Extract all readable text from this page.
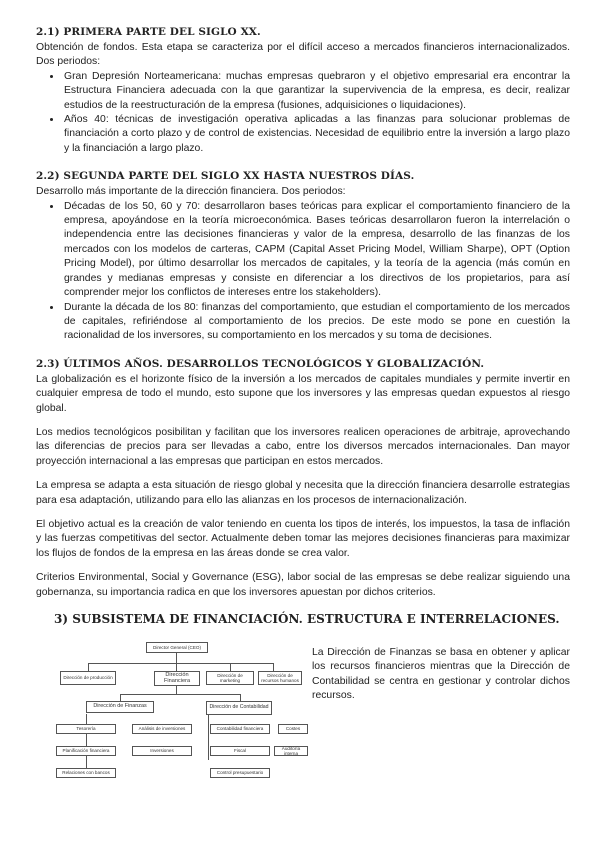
2.1) PRIMERA PARTE DEL SIGLO XX.

Obtención de fondos. Esta etapa se caracteriza por el difícil acceso a mercados financieros internacionalizados. Dos periodos:

• Gran Depresión Norteamericana: muchas empresas quebraron y el objetivo empresarial era encontrar la Estructura Financiera adecuada con la que garantizar la supervivencia de la empresa, es decir, realizar estudios de la reestructuración de la empresa (fusiones, adquisiciones o liquidaciones).
• Años 40: técnicas de investigación operativa aplicadas a las finanzas para solucionar problemas de financiación a corto plazo y de control de existencias. Necesidad de equilibrio entre la inversión a largo plazo y la financiación a largo plazo.
2.2) SEGUNDA PARTE DEL SIGLO XX HASTA NUESTROS DÍAS.

Desarrollo más importante de la dirección financiera. Dos periodos:

• Décadas de los 50, 60 y 70: desarrollaron bases teóricas para explicar el comportamiento financiero de la empresa, apoyándose en la teoría microeconómica. Bases teóricas desarrollaron fueron la interrelación o independencia entre las decisiones financieras y valor de la empresa, desarrollo de las finanzas de los mercados con los modelos de carteras, CAPM (Capital Asset Pricing Model, William Sharpe), OPT (Option Pricing Model), por último desarrollar los mercados de capitales, y la teoría de la agencia (más común en grandes y medianas empresas y consiste en diferenciar a los directivos de los propietarios, para así comprender mejor los conflictos de intereses entre los stakeholders).
• Durante la década de los 80: finanzas del comportamiento, que estudian el comportamiento de los mercados de capitales, refiriéndose al comportamiento de los precios. De este modo se pone en cuestión la racionalidad de los inversores, su comportamiento en los mercados y su toma de decisiones.
2.3) ÚLTIMOS AÑOS. DESARROLLOS TECNOLÓGICOS Y GLOBALIZACIÓN.

La globalización es el horizonte físico de la inversión a los mercados de capitales mundiales y permite invertir en cualquier empresa de todo el mundo, esto supone que los inversores y las empresas quedan expuestos al riesgo global.

Los medios tecnológicos posibilitan y facilitan que los inversores realicen operaciones de arbitraje, aprovechando las diferencias de precios para ser llevadas a cabo, entre los diversos mercados internacionales. Dan mayor proyección internacional a las empresas que participan en estos mercados.

La empresa se adapta a esta situación de riesgo global y necesita que la dirección financiera desarrolle estrategias para esa adaptación, utilizando para ello las alianzas en los procesos de internacionalización.

El objetivo actual es la creación de valor teniendo en cuenta los tipos de interés, los impuestos, la tasa de inflación y las fuerzas competitivas del sector. Actualmente deben tomar las mejores decisiones financieras para maximizar los flujos de fondos de la empresa en las áreas donde se crea valor.

Criterios Environmental, Social y Governance (ESG), labor social de las empresas se debe realizar siguiendo una gobernanza, su importancia radica en que los inversores apuestan por dichos criterios.

3) SUBSISTEMA DE FINANCIACIÓN. ESTRUCTURA E INTERRELACIONES.
Director General (CEO)
Dirección de producción	Dirección Financiera
Dirección de marketing
Dirección de recursos humanos
Dirección de Finanzas	Dirección de Contabilidad
Tesorería
Planificación financiera
Relaciones con bancos
Análisis de inversiones
Inversiones
Contabilidad financiera
Fiscal
Control presupuestario
Costes
Auditoría interna
La Dirección de Finanzas se basa en obtener y aplicar los recursos financieros mientras que la Dirección de Contabilidad se centra en gestionar y controlar dichos recursos.
